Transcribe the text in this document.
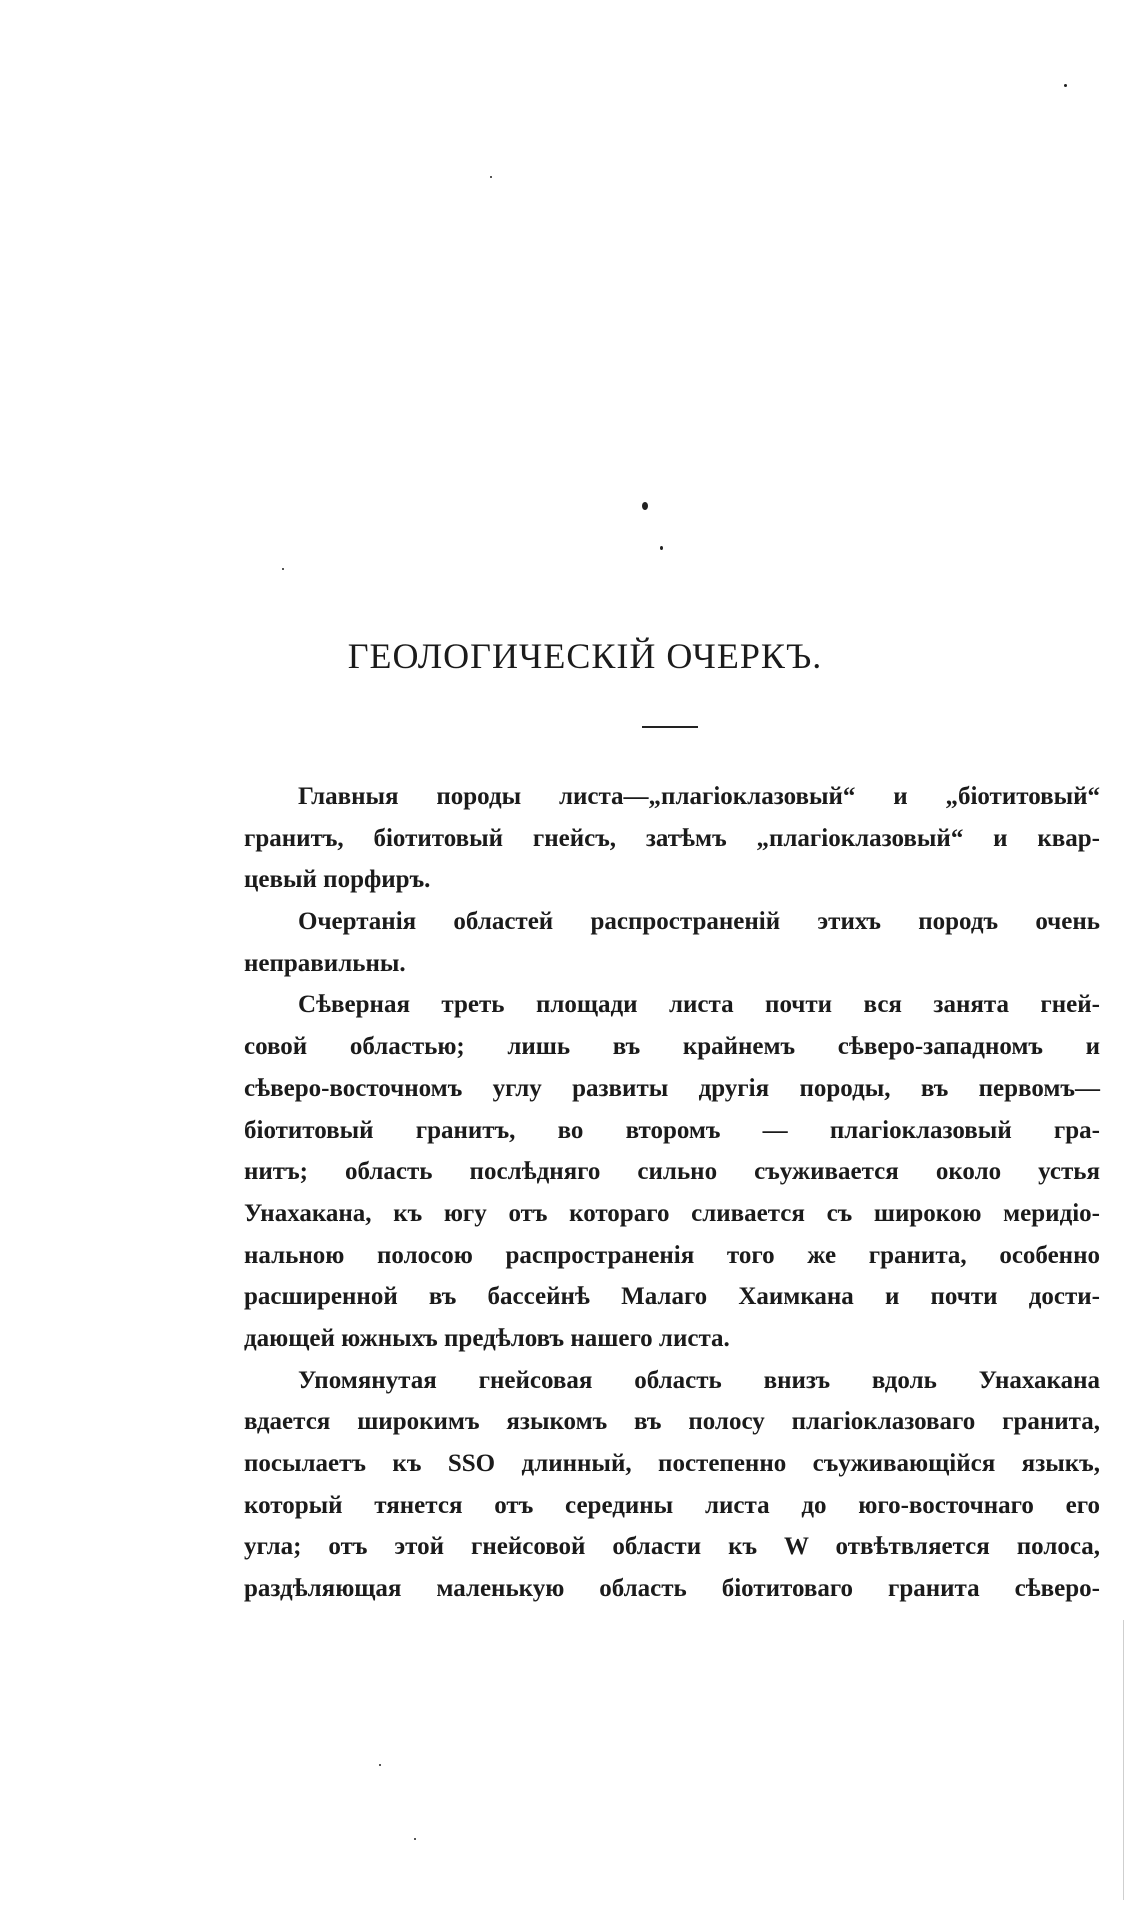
ГЕОЛОГИЧЕСКІЙ ОЧЕРКЪ.
Главныя породы листа—„плагіоклазовый“ и „біотитовый“
гранитъ, біотитовый гнейсъ, затѣмъ „плагіоклазовый“ и квар-
цевый порфиръ.
Очертанія областей распространеній этихъ породъ очень
неправильны.
Сѣверная треть площади листа почти вся занята гней-
совой областью; лишь въ крайнемъ сѣверо-западномъ и
сѣверо-восточномъ углу развиты другія породы, въ первомъ—
біотитовый гранитъ, во второмъ — плагіоклазовый гра-
нитъ; область послѣдняго сильно съуживается около устья
Унахакана, къ югу отъ котораго сливается съ широкою меридіо-
нальною полосою распространенія того же гранита, особенно
расширенной въ бассейнѣ Малаго Хаимкана и почти дости-
дающей южныхъ предѣловъ нашего листа.
Упомянутая гнейсовая область внизъ вдоль Унахакана
вдается широкимъ языкомъ въ полосу плагіоклазоваго гранита,
посылаетъ къ SSO длинный, постепенно съуживающійся языкъ,
который тянется отъ середины листа до юго-восточнаго его
угла; отъ этой гнейсовой области къ W отвѣтвляется полоса,
раздѣляющая маленькую область біотитоваго гранита сѣверо-
